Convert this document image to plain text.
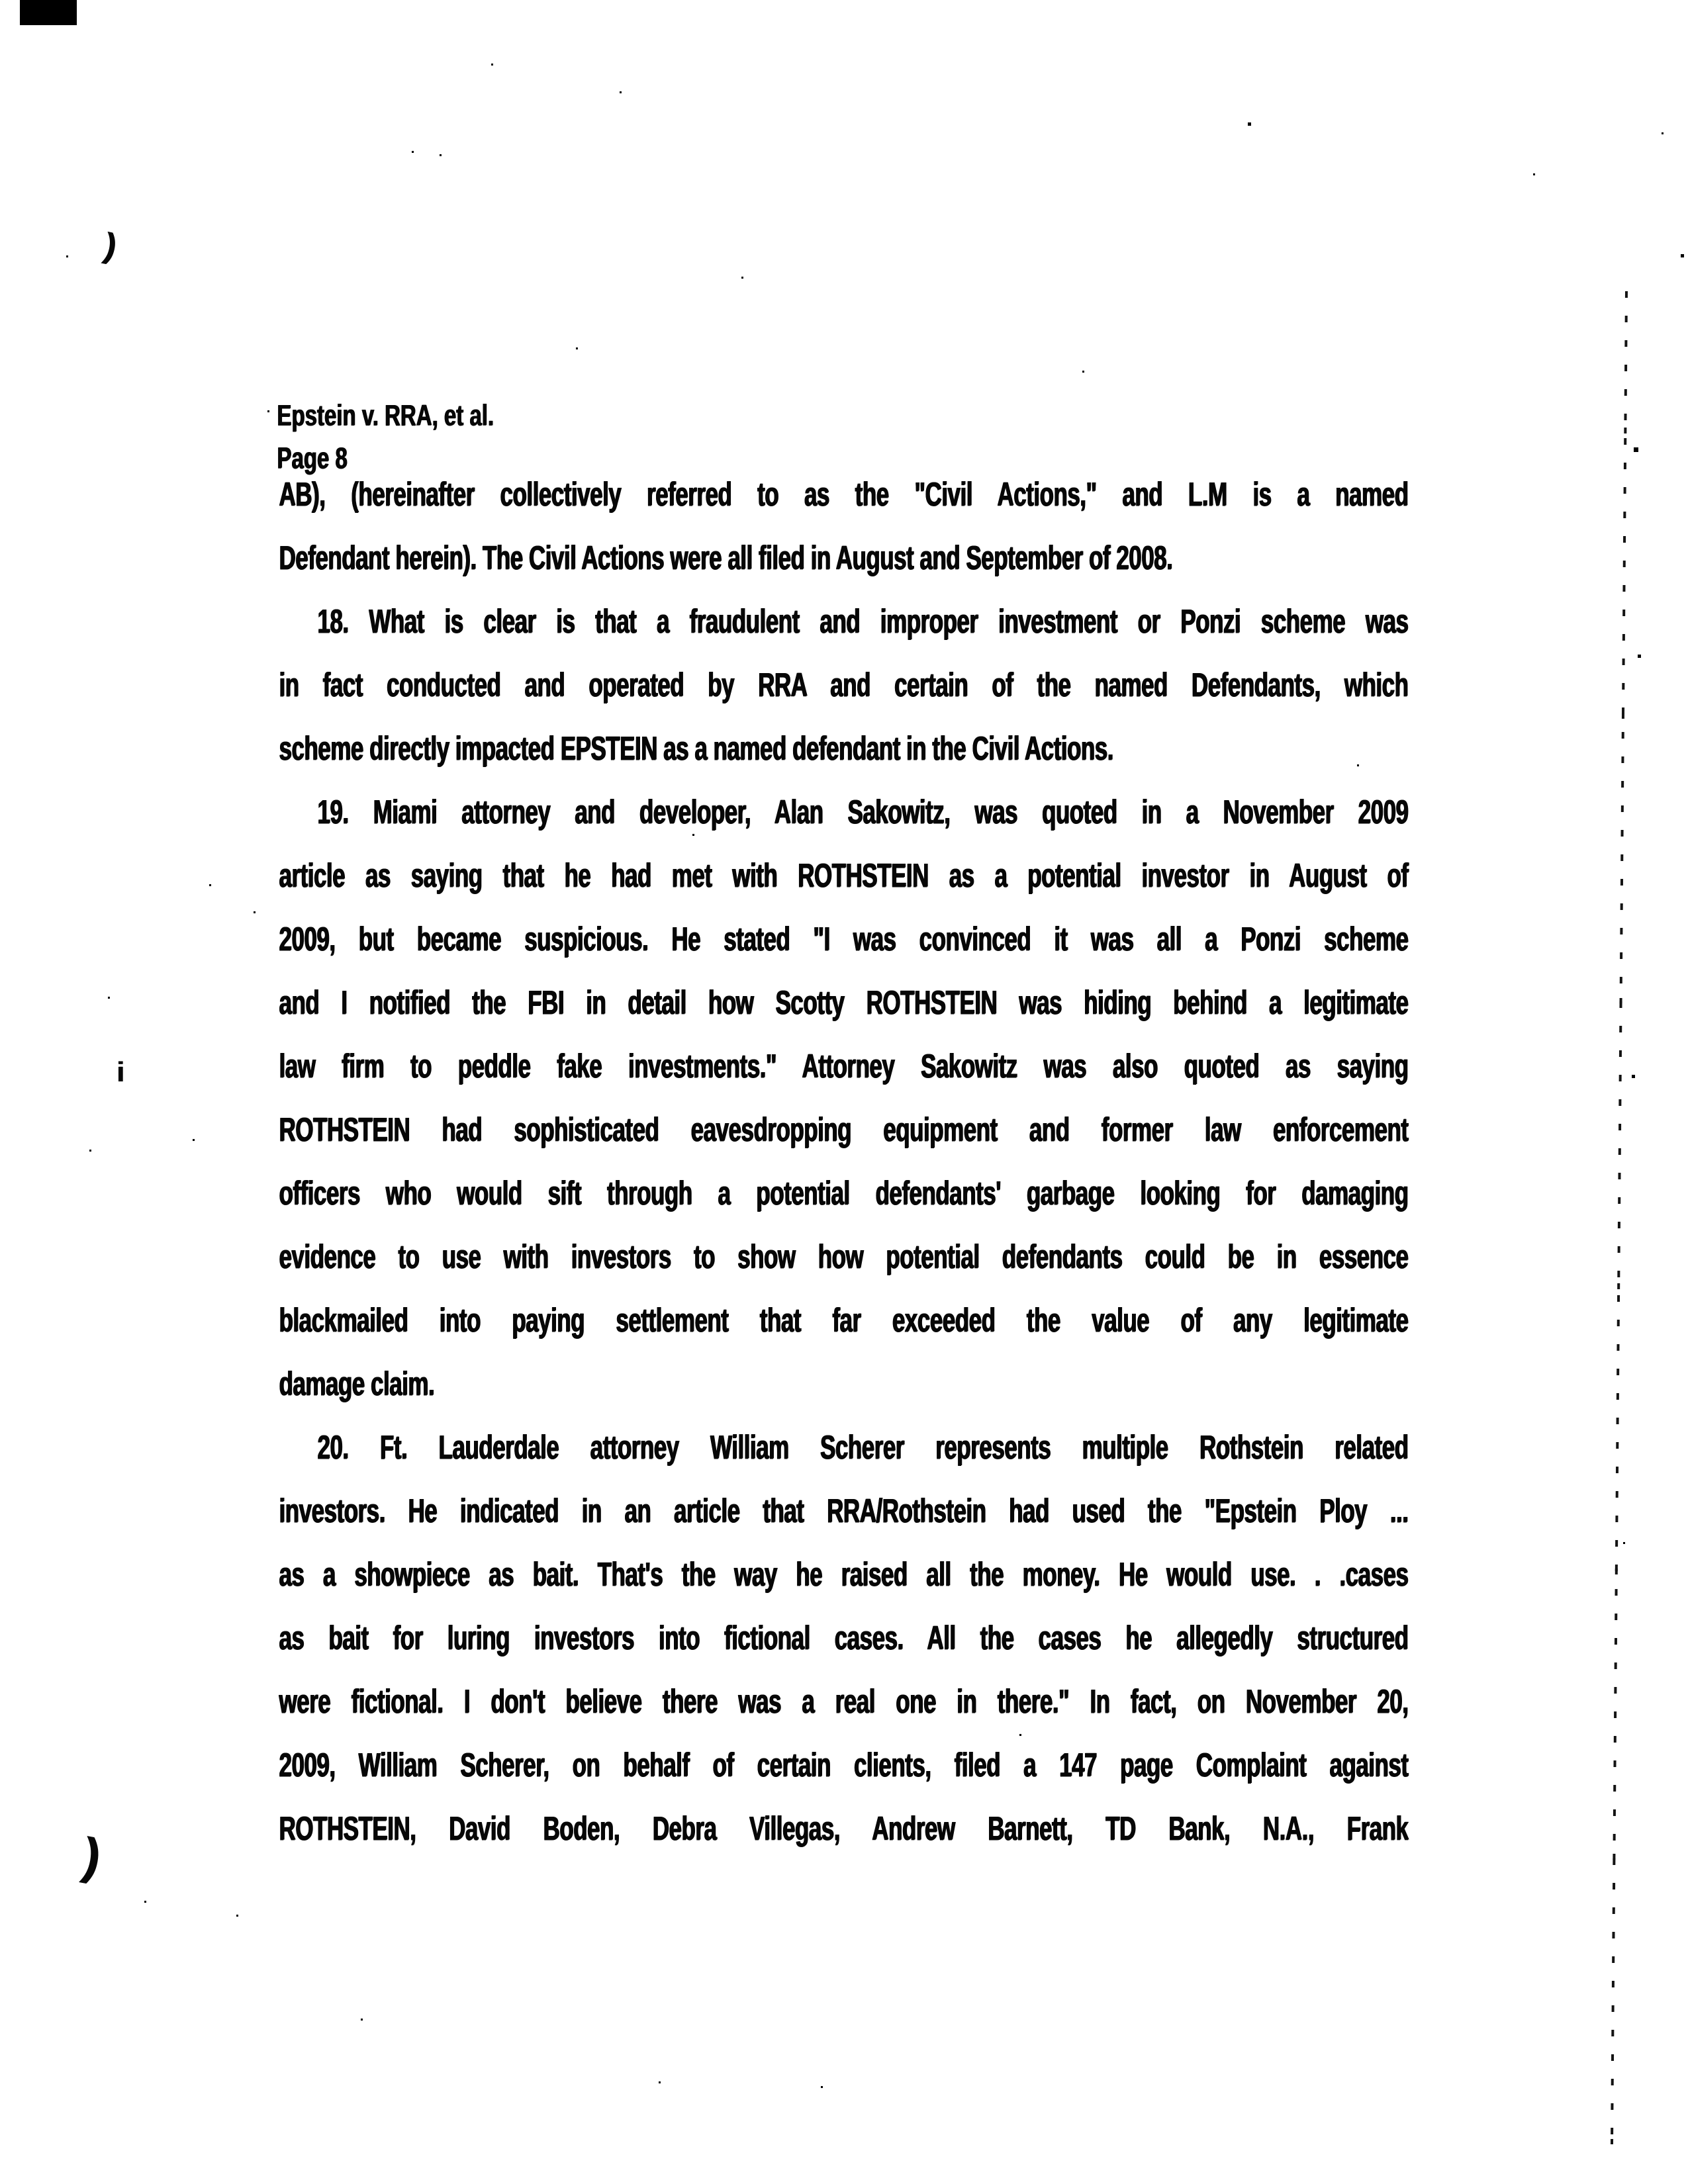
)
Epstein v. RRA, et al.
Page 8
AB), (hereinafter collectively referred to as the "Civil Actions," and L.M is a named
Defendant herein). The Civil Actions were all filed in August and September of 2008.
18. What is clear is that a fraudulent and improper investment or Ponzi scheme was
in fact conducted and operated by RRA and certain of the named Defendants, which
scheme directly impacted EPSTEIN as a named defendant in the Civil Actions.
19. Miami attorney and developer, Alan Sakowitz, was quoted in a November 2009
article as saying that he had met with ROTHSTEIN as a potential investor in August of
2009, but became suspicious. He stated "I was convinced it was all a Ponzi scheme
and I notified the FBI in detail how Scotty ROTHSTEIN was hiding behind a legitimate
law firm to peddle fake investments." Attorney Sakowitz was also quoted as saying
ROTHSTEIN had sophisticated eavesdropping equipment and former law enforcement
officers who would sift through a potential defendants' garbage looking for damaging
evidence to use with investors to show how potential defendants could be in essence
blackmailed into paying settlement that far exceeded the value of any legitimate
damage claim.
20. Ft. Lauderdale attorney William Scherer represents multiple Rothstein related
investors. He indicated in an article that RRA/Rothstein had used the "Epstein Ploy ...
as a showpiece as bait. That's the way he raised all the money. He would use. . .cases
as bait for luring investors into fictional cases. All the cases he allegedly structured
were fictional. I don't believe there was a real one in there." In fact, on November 20,
2009, William Scherer, on behalf of certain clients, filed a 147 page Complaint against
ROTHSTEIN, David Boden, Debra Villegas, Andrew Barnett, TD Bank, N.A., Frank
i
)
